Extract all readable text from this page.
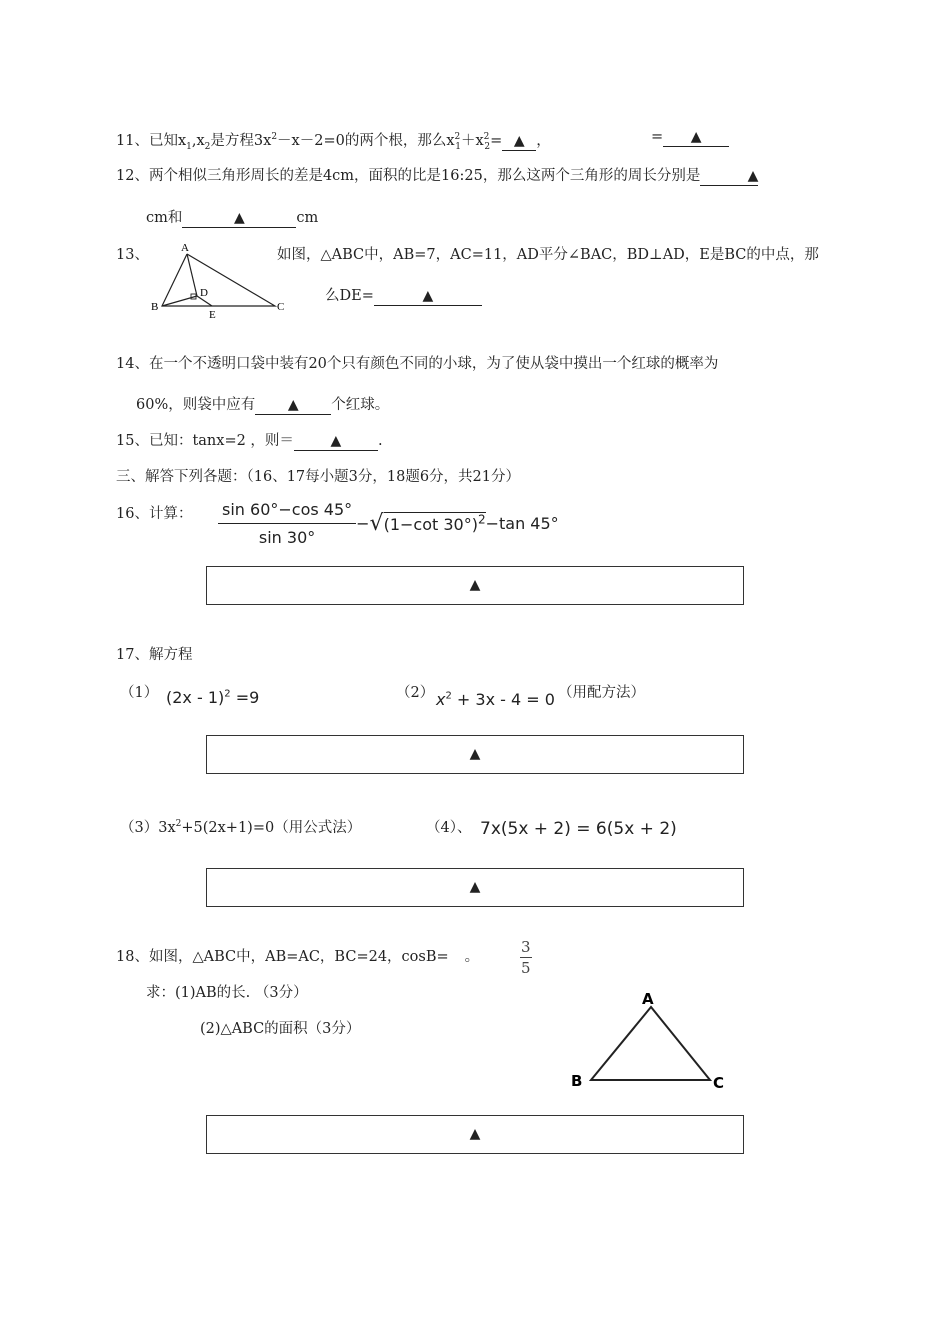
11、已知$x_1,x_2$是方程$3x^2-x-2=0$的两个根，那么$x^2_1+x^2_2=$ ▲ ，	= ▲
12、两个相似三角形周长的差是4cm，面积的比是16:25，那么这两个三角形的周长分别是	▲
cm和	▲	cm
13、	A
B	C
D
E
如图，△ABC中，AB=7，AC=11，AD平分∠BAC，BD⊥AD，E是BC的中点，那
么DE=	▲
14、在一个不透明口袋中装有20个只有颜色不同的小球，为了使从袋中摸出一个红球的概率为
60%，则袋中应有 ▲ 个红球。
15、已知：tanx=2 ，则＝	▲	.
三、解答下列各题：（16、17每小题3分，18题6分，共21分）
16、计算： $\frac{\sin 60^\circ-\cos 45^\circ}{\sin 30^\circ} -√(1-\cot$ 30°)$^2$−tan 45°
▲
17、解方程
（1） (2x - 1)$^2$ =9	（2） $x^2 + 3x - 4 = 0$ （用配方法）
▲
$(3)3x^2+5(2x+1)=0$（用公式法）	（4）、 7x(5x + 2) = 6(5x + 2)
▲
18、如图，△ABC中，AB=AC，BC=24，cosB= 。
3
5
求：(1)AB的长. （3分）
(2)△ABC的面积（3分）
A
B	C
▲
